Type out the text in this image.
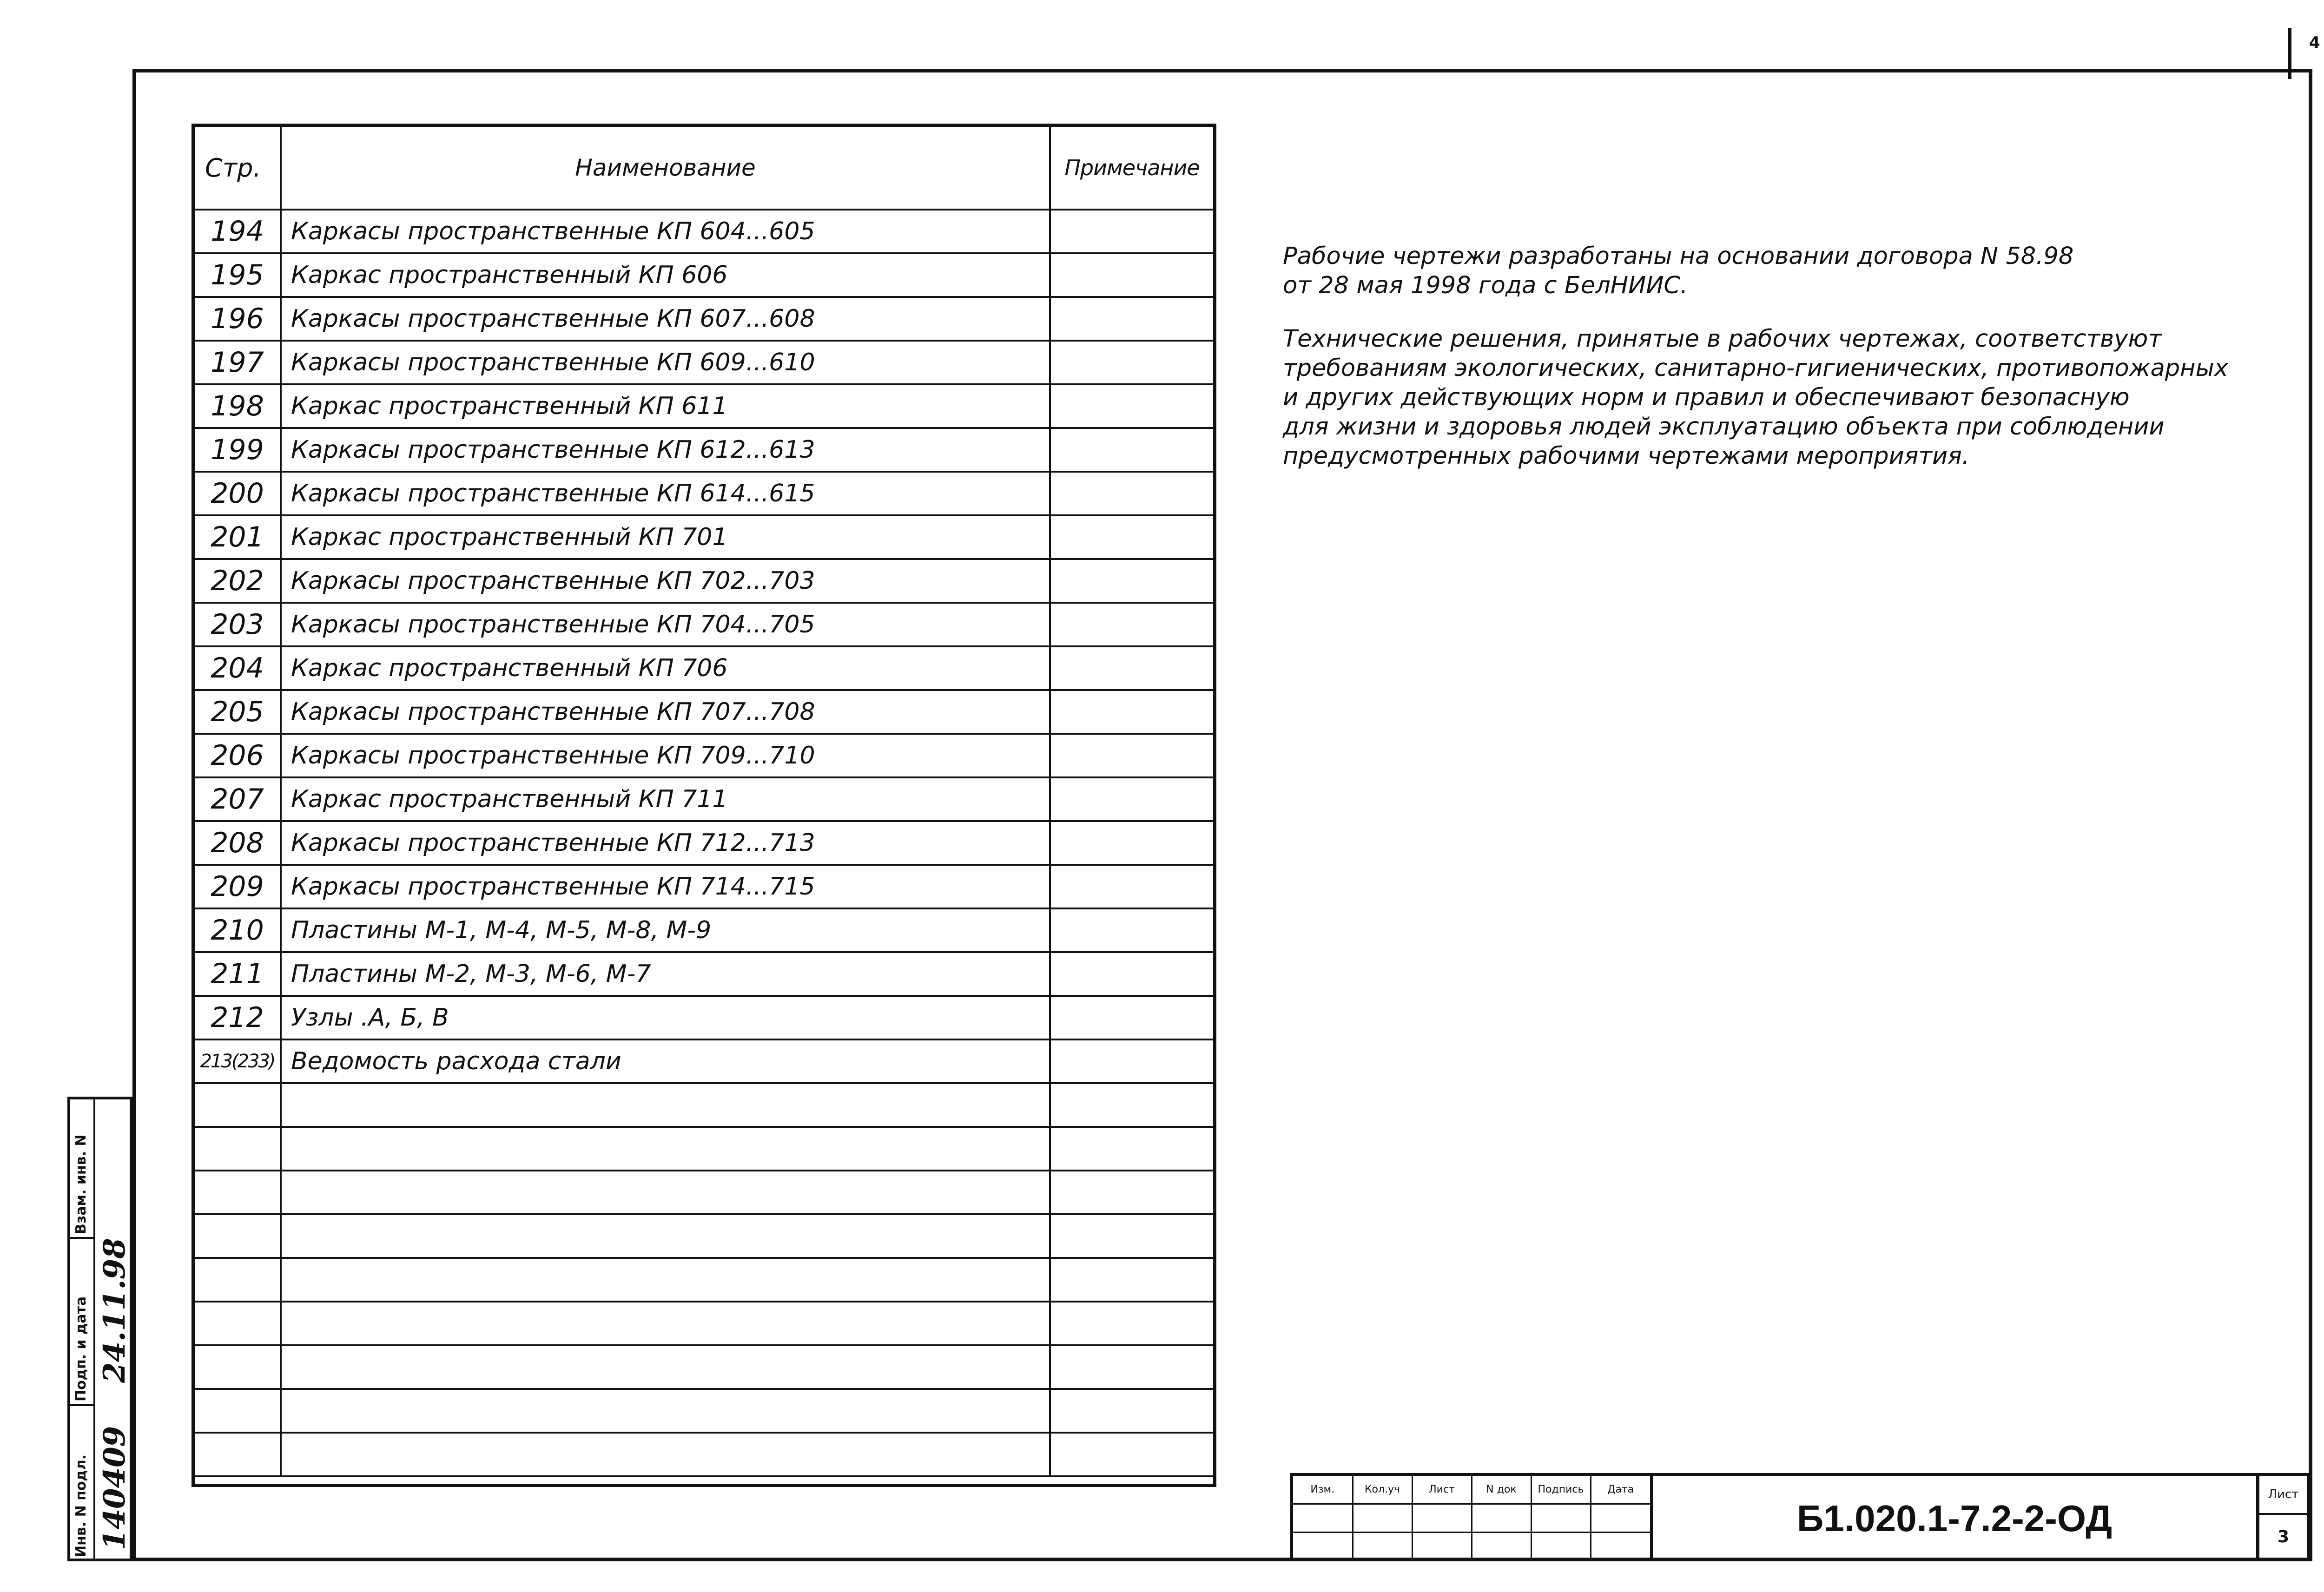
4
Взам. инв. N
Подп. и дата
Инв. N подл.
24.11.98
140409
Стр.	Наименование	Примечание
194	Каркасы пространственные КП 604...605	
195	Каркас пространственный КП 606	
196	Каркасы пространственные КП 607...608	
197	Каркасы пространственные КП 609...610	
198	Каркас пространственный КП 611	
199	Каркасы пространственные КП 612...613	
200	Каркасы пространственные КП 614...615	
201	Каркас пространственный КП 701	
202	Каркасы пространственные КП 702...703	
203	Каркасы пространственные КП 704...705	
204	Каркас пространственный КП 706	
205	Каркасы пространственные КП 707...708	
206	Каркасы пространственные КП 709...710	
207	Каркас пространственный КП 711	
208	Каркасы пространственные КП 712...713	
209	Каркасы пространственные КП 714...715	
210	Пластины М-1, М-4, М-5, М-8, М-9	
211	Пластины М-2, М-3, М-6, М-7	
212	Узлы .А, Б, В	
213(233)	Ведомость расхода стали	

Рабочие чертежи разработаны на основании договора N 58.98
от 28 мая 1998 года с БелНИИС.

Технические решения, принятые в рабочих чертежах, соответствуют
требованиям экологических, санитарно-гигиенических, противопожарных
и других действующих норм и правил и обеспечивают безопасную
для жизни и здоровья людей эксплуатацию объекта при соблюдении
предусмотренных рабочими чертежами мероприятия.

Изм.	Кол.уч	Лист	N док	Подпись	Дата

Б1.020.1-7.2-2-ОД
Лист
3
